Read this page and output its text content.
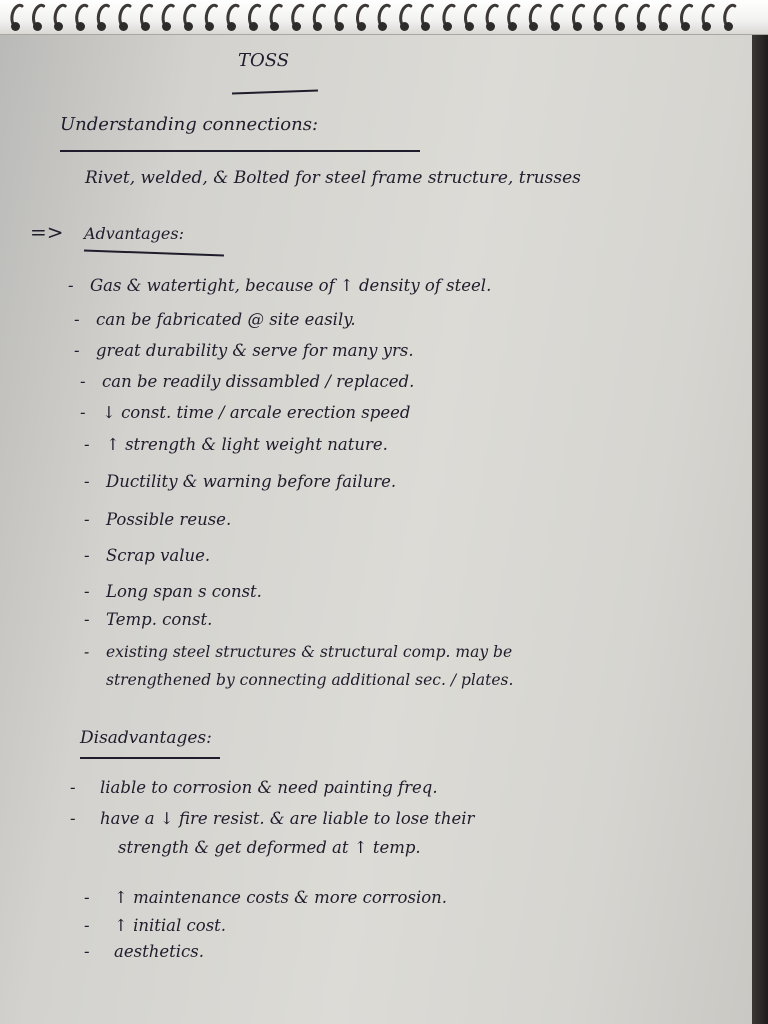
TOSS
Understanding connections:
Rivet, welded, & Bolted for steel frame structure, trusses
=> Advantages:
- Gas & watertight, because of ↑ density of steel.
- can be fabricated @ site easily.
- great durability & serve for many yrs.
- can be readily dissambled / replaced.
- ↓ const. time / arcale erection speed
- ↑ strength & light weight nature.
- Ductility & warning before failure.
- Possible reuse.
- Scrap value.
- Long span s const.
- Temp. const.
- existing steel structures & structural comp. may be
strengthened by connecting additional sec. / plates.
Disadvantages:
- liable to corrosion & need painting freq.
- have a ↓ fire resist. & are liable to lose their
strength & get deformed at ↑ temp.
- ↑ maintenance costs & more corrosion.
- ↑ initial cost.
- aesthetics.
